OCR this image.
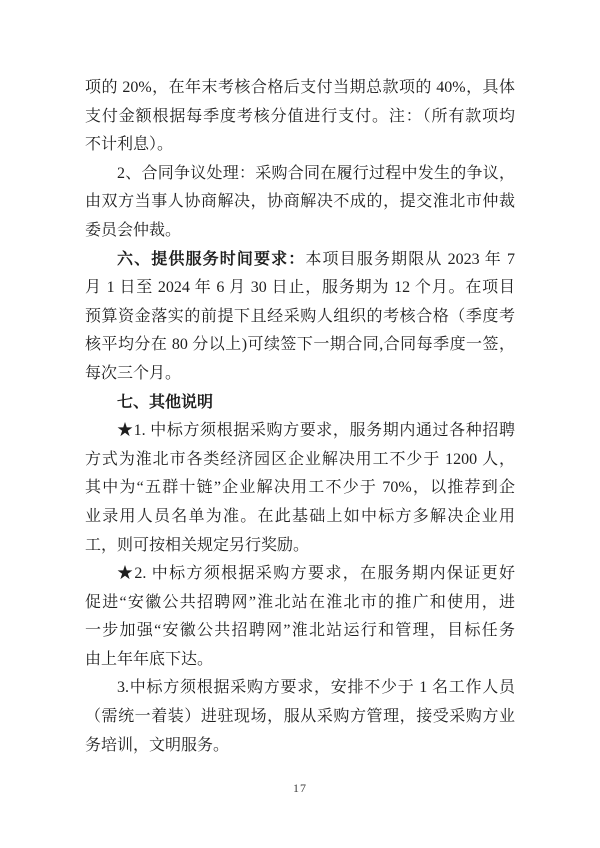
项的 20%，在年末考核合格后支付当期总款项的 40%，具体
支付金额根据每季度考核分值进行支付。注：（所有款项均
不计利息）。
2、合同争议处理：采购合同在履行过程中发生的争议，
由双方当事人协商解决，协商解决不成的，提交淮北市仲裁
委员会仲裁。
六、提供服务时间要求：本项目服务期限从 2023 年 7
月 1 日至 2024 年 6 月 30 日止，服务期为 12 个月。在项目
预算资金落实的前提下且经采购人组织的考核合格（季度考
核平均分在 80 分以上)可续签下一期合同,合同每季度一签，
每次三个月。
七、其他说明
★1. 中标方须根据采购方要求，服务期内通过各种招聘
方式为淮北市各类经济园区企业解决用工不少于 1200 人，
其中为“五群十链”企业解决用工不少于 70%，以推荐到企
业录用人员名单为准。在此基础上如中标方多解决企业用
工，则可按相关规定另行奖励。
★2. 中标方须根据采购方要求，在服务期内保证更好
促进“安徽公共招聘网”淮北站在淮北市的推广和使用，进
一步加强“安徽公共招聘网”淮北站运行和管理，目标任务
由上年年底下达。
3.中标方须根据采购方要求，安排不少于 1 名工作人员
（需统一着装）进驻现场，服从采购方管理，接受采购方业
务培训，文明服务。
17
